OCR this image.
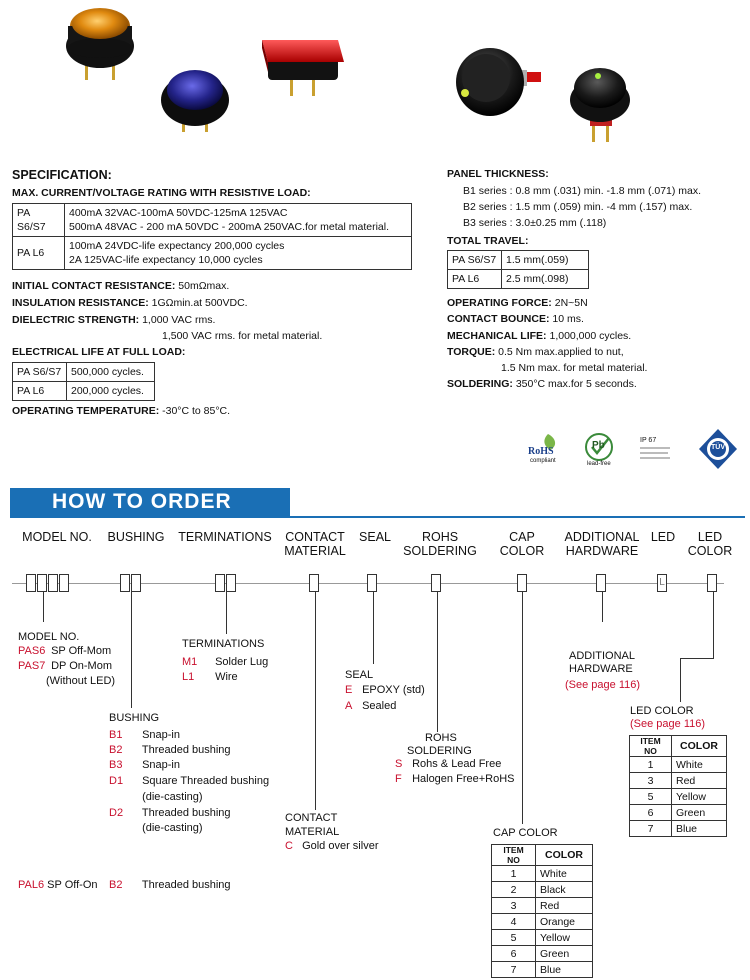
SPECIFICATION:
MAX. CURRENT/VOLTAGE RATING WITH RESISTIVE LOAD:
PA S6/S7	400mA 32VAC-100mA 50VDC-125mA 125VAC
500mA 48VAC - 200 mA 50VDC - 200mA 250VAC.for metal material.

PA L6	100mA 24VDC-life expectancy 200,000 cycles
2A 125VAC-life expectancy 10,000 cycles
INITIAL CONTACT RESISTANCE: 50mΩmax.
INSULATION RESISTANCE: 1GΩmin.at 500VDC.
DIELECTRIC STRENGTH: 1,000 VAC rms.
1,500 VAC rms. for metal material.
ELECTRICAL LIFE AT FULL LOAD:
PA S6/S7	500,000 cycles.
PA L6	200,000 cycles.
OPERATING TEMPERATURE: -30°C to 85°C.
PANEL THICKNESS:
B1 series : 0.8 mm (.031) min. -1.8 mm (.071) max.
B2 series : 1.5 mm (.059) min. -4 mm (.157) max.
B3 series : 3.0±0.25 mm (.118)
TOTAL TRAVEL:
PA S6/S7	1.5 mm(.059)
PA L6	2.5 mm(.098)
OPERATING FORCE: 2N~5N
CONTACT BOUNCE: 10 ms.
MECHANICAL LIFE: 1,000,000 cycles.
TORQUE: 0.5 Nm max.applied to nut,
1.5 Nm max. for metal material.
SOLDERING: 350°C max.for 5 seconds.
RoHS
compliant
Pb
lead-free
IP 67
TÜV
HOW TO ORDER
MODEL NO.	BUSHING TERMINATIONS	CONTACT
MATERIAL
SEAL	ROHS
SOLDERING
CAP
COLOR
ADDITIONAL
HARDWARE
LED	LED
COLOR
L
MODEL NO.
PAS6 SP Off-Mom
PAS7 DP On-Mom
(Without LED)
TERMINATIONS
M1 Solder Lug
L1 Wire
BUSHING
B1 Snap-in
B2 Threaded bushing
B3 Snap-in
D1 Square Threaded bushing
(die-casting)
D2 Threaded bushing
(die-casting)
SEAL
E EPOXY (std)
A Sealed
ROHS
SOLDERING
S Rohs & Lead Free
F Halogen Free+RoHS
CONTACT
MATERIAL
C Gold over silver
ADDITIONAL
HARDWARE
(See page 116)
LED COLOR
(See page 116)
ITEM NO	COLOR
1	White
3	Red
5	Yellow
6	Green
7	Blue
CAP COLOR
ITEM NO	COLOR
1	White
2	Black
3	Red
4	Orange
5	Yellow
6	Green
7	Blue
PAL6 SP Off-On B2 Threaded bushing
